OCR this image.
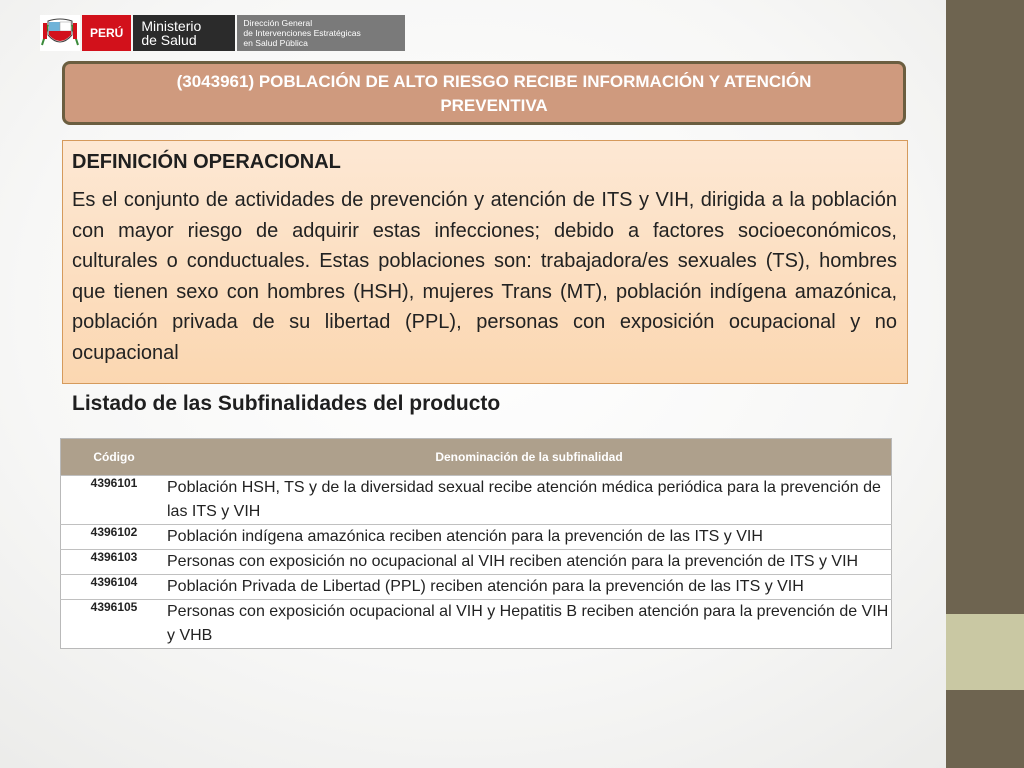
PERÚ	Ministerio
de Salud
Dirección General
de Intervenciones Estratégicas
en Salud Pública
(3043961) POBLACIÓN DE ALTO RIESGO RECIBE INFORMACIÓN Y ATENCIÓN PREVENTIVA

DEFINICIÓN OPERACIONAL

Es el conjunto de actividades de prevención y atención de ITS y VIH, dirigida a la población con mayor riesgo de adquirir estas infecciones; debido a factores socioeconómicos, culturales o conductuales. Estas poblaciones son: trabajadora/es sexuales (TS), hombres que tienen sexo con hombres (HSH), mujeres Trans (MT), población indígena amazónica, población privada de su libertad (PPL), personas con exposición ocupacional y no ocupacional

Listado de las Subfinalidades del producto

Código	Denominación de la subfinalidad
4396101	Población HSH, TS y de la diversidad sexual recibe atención médica periódica para la prevención de las ITS y VIH
4396102	Población indígena amazónica reciben atención para la prevención de las ITS y VIH
4396103	Personas con exposición no ocupacional al VIH reciben atención para la prevención de ITS y VIH
4396104	Población Privada de Libertad (PPL) reciben atención para la prevención de las ITS y VIH
4396105	Personas con exposición ocupacional al VIH y Hepatitis B reciben atención para la prevención de VIH y VHB
